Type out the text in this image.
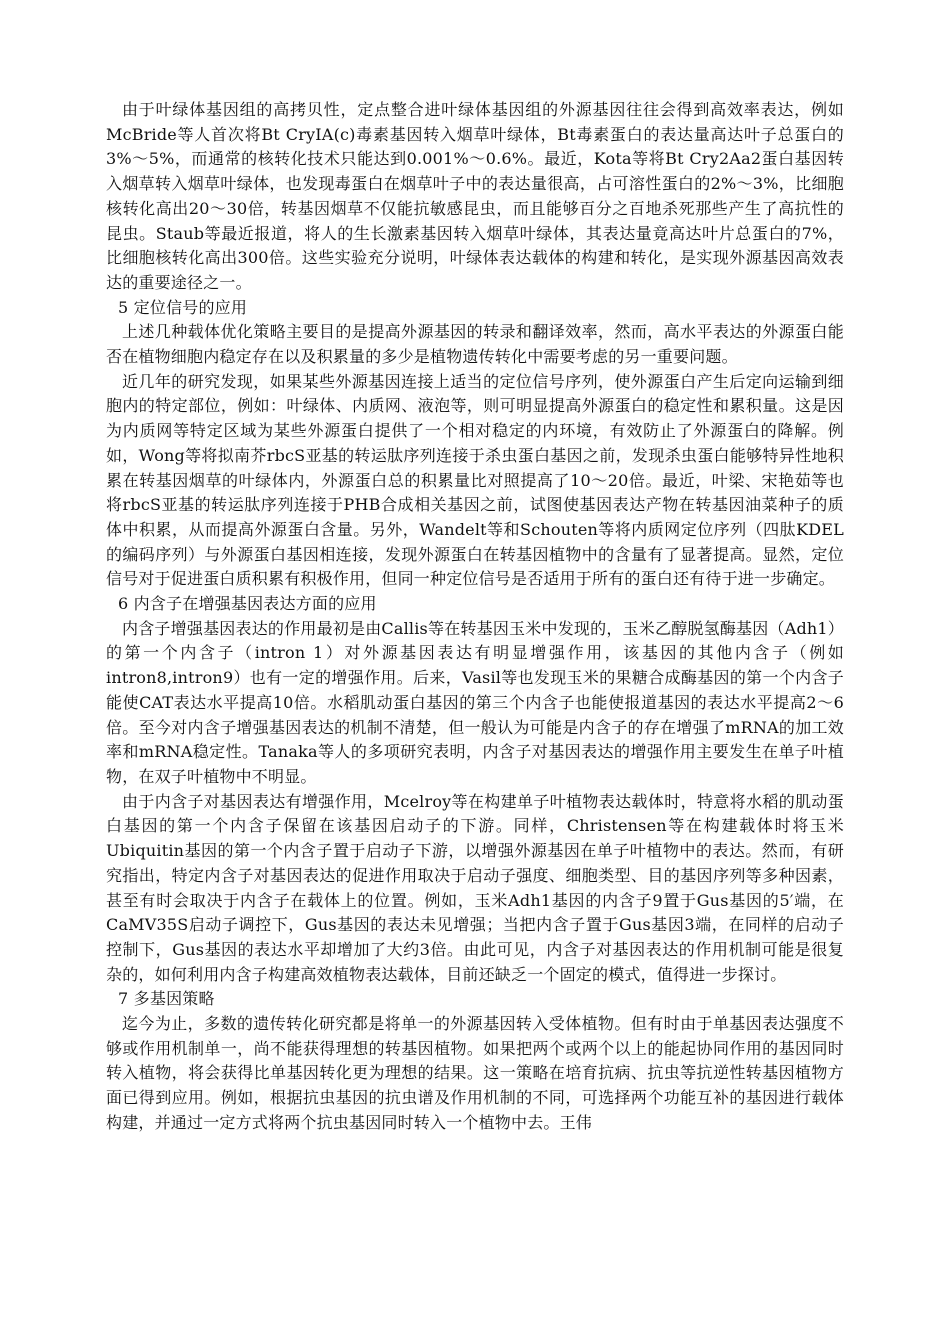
由于叶绿体基因组的高拷贝性，定点整合进叶绿体基因组的外源基因往往会得到高效率表达，例如McBride等人首次将Bt CryIA(c)毒素基因转入烟草叶绿体，Bt毒素蛋白的表达量高达叶子总蛋白的3%～5%，而通常的核转化技术只能达到0.001%～0.6%。最近，Kota等将Bt Cry2Aa2蛋白基因转入烟草转入烟草叶绿体，也发现毒蛋白在烟草叶子中的表达量很高，占可溶性蛋白的2%～3%，比细胞核转化高出20～30倍，转基因烟草不仅能抗敏感昆虫，而且能够百分之百地杀死那些产生了高抗性的昆虫。Staub等最近报道，将人的生长激素基因转入烟草叶绿体，其表达量竟高达叶片总蛋白的7%，比细胞核转化高出300倍。这些实验充分说明，叶绿体表达载体的构建和转化，是实现外源基因高效表达的重要途径之一。

5 定位信号的应用

上述几种载体优化策略主要目的是提高外源基因的转录和翻译效率，然而，高水平表达的外源蛋白能否在植物细胞内稳定存在以及积累量的多少是植物遗传转化中需要考虑的另一重要问题。

近几年的研究发现，如果某些外源基因连接上适当的定位信号序列，使外源蛋白产生后定向运输到细胞内的特定部位，例如：叶绿体、内质网、液泡等，则可明显提高外源蛋白的稳定性和累积量。这是因为内质网等特定区域为某些外源蛋白提供了一个相对稳定的内环境，有效防止了外源蛋白的降解。例如，Wong等将拟南芥rbcS亚基的转运肽序列连接于杀虫蛋白基因之前，发现杀虫蛋白能够特异性地积累在转基因烟草的叶绿体内，外源蛋白总的积累量比对照提高了10～20倍。最近，叶梁、宋艳茹等也将rbcS亚基的转运肽序列连接于PHB合成相关基因之前，试图使基因表达产物在转基因油菜种子的质体中积累，从而提高外源蛋白含量。另外，Wandelt等和Schouten等将内质网定位序列（四肽KDEL的编码序列）与外源蛋白基因相连接，发现外源蛋白在转基因植物中的含量有了显著提高。显然，定位信号对于促进蛋白质积累有积极作用，但同一种定位信号是否适用于所有的蛋白还有待于进一步确定。

6 内含子在增强基因表达方面的应用

内含子增强基因表达的作用最初是由Callis等在转基因玉米中发现的，玉米乙醇脱氢酶基因（Adh1）的第一个内含子（intron 1）对外源基因表达有明显增强作用，该基因的其他内含子（例如intron8,intron9）也有一定的增强作用。后来，Vasil等也发现玉米的果糖合成酶基因的第一个内含子能使CAT表达水平提高10倍。水稻肌动蛋白基因的第三个内含子也能使报道基因的表达水平提高2～6倍。至今对内含子增强基因表达的机制不清楚，但一般认为可能是内含子的存在增强了mRNA的加工效率和mRNA稳定性。Tanaka等人的多项研究表明，内含子对基因表达的增强作用主要发生在单子叶植物，在双子叶植物中不明显。

由于内含子对基因表达有增强作用，Mcelroy等在构建单子叶植物表达载体时，特意将水稻的肌动蛋白基因的第一个内含子保留在该基因启动子的下游。同样，Christensen等在构建载体时将玉米Ubiquitin基因的第一个内含子置于启动子下游，以增强外源基因在单子叶植物中的表达。然而，有研究指出，特定内含子对基因表达的促进作用取决于启动子强度、细胞类型、目的基因序列等多种因素，甚至有时会取决于内含子在载体上的位置。例如，玉米Adh1基因的内含子9置于Gus基因的5′端，在CaMV35S启动子调控下，Gus基因的表达未见增强；当把内含子置于Gus基因3端，在同样的启动子控制下，Gus基因的表达水平却增加了大约3倍。由此可见，内含子对基因表达的作用机制可能是很复杂的，如何利用内含子构建高效植物表达载体，目前还缺乏一个固定的模式，值得进一步探讨。

7 多基因策略

迄今为止，多数的遗传转化研究都是将单一的外源基因转入受体植物。但有时由于单基因表达强度不够或作用机制单一，尚不能获得理想的转基因植物。如果把两个或两个以上的能起协同作用的基因同时转入植物，将会获得比单基因转化更为理想的结果。这一策略在培育抗病、抗虫等抗逆性转基因植物方面已得到应用。例如，根据抗虫基因的抗虫谱及作用机制的不同，可选择两个功能互补的基因进行载体构建，并通过一定方式将两个抗虫基因同时转入一个植物中去。王伟
